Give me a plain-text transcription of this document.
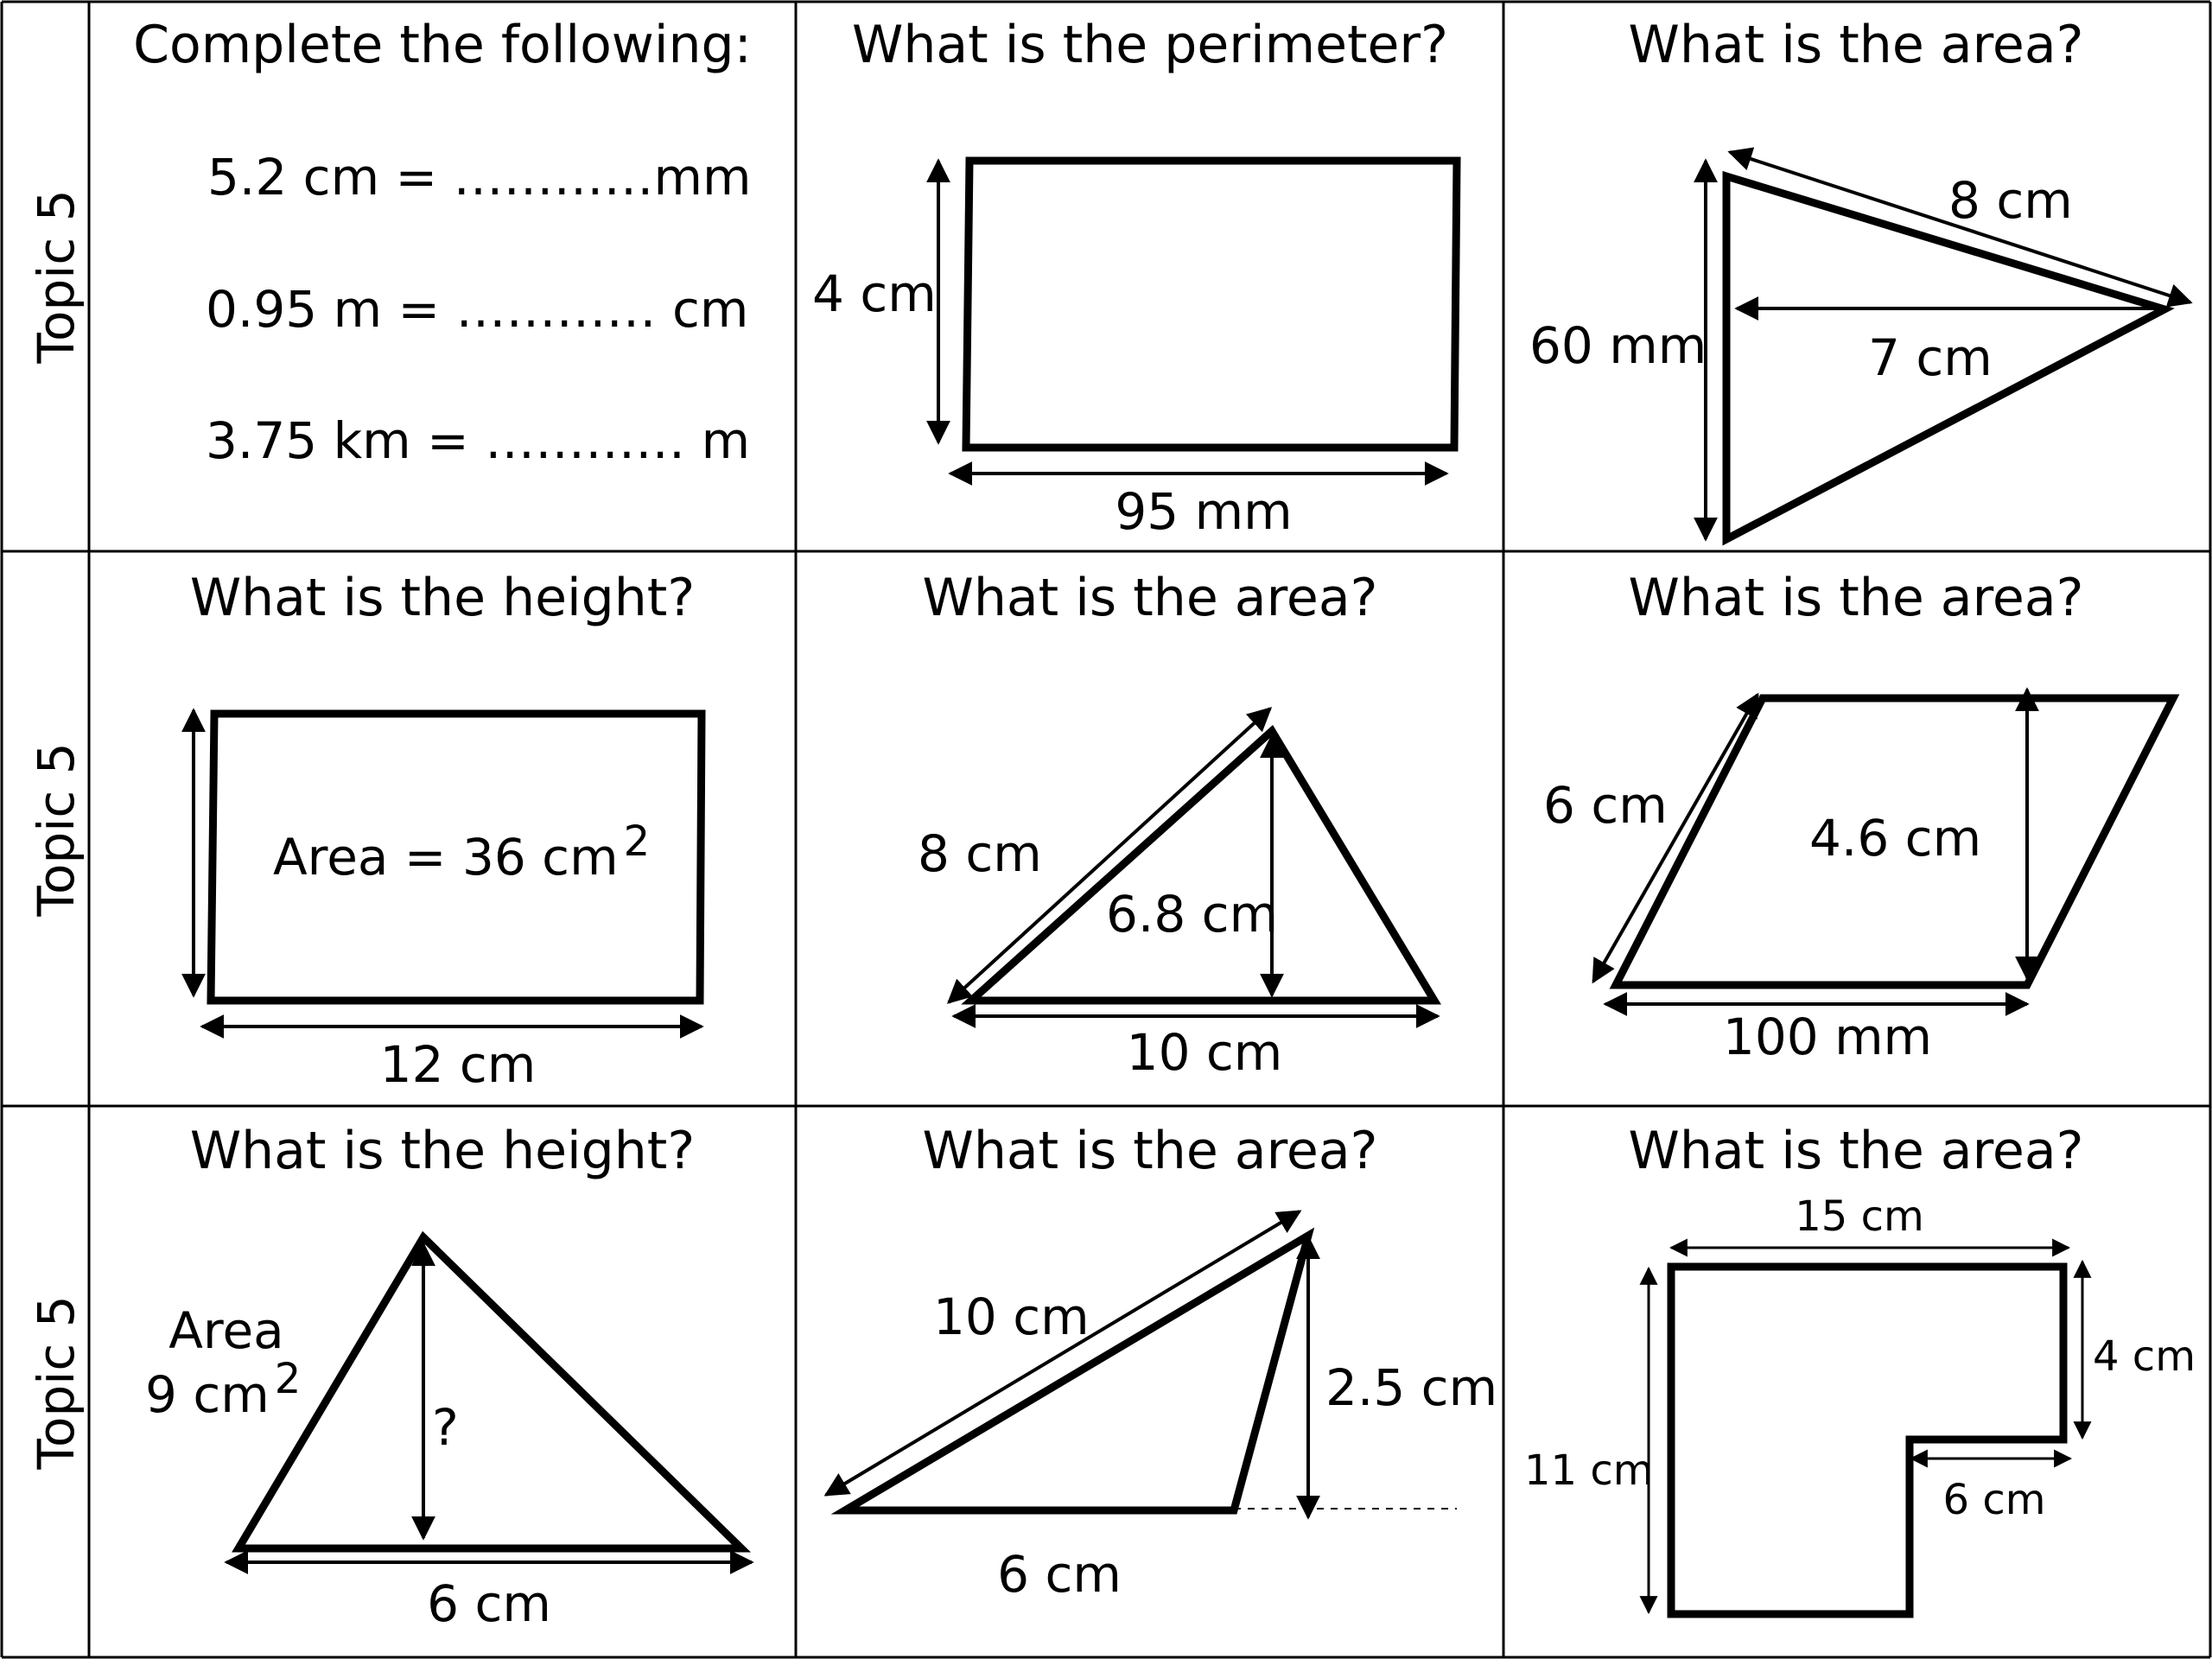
Topic 5
Topic 5
Topic 5
Complete the following:
5.2 cm = …………mm
0.95 m = ………… cm
3.75 km = ………… m
What is the perimeter?
4 cm
95 mm
What is the area?
8 cm
60 mm	7 cm
What is the height?
Area = 36 cm $^2$
12 cm
What is the area?
8 cm
6.8 cm
10 cm
What is the area?
6 cm
4.6 cm
100 mm
What is the height?
Area
9 cm $^2$
?
6 cm
What is the area?
10 cm
2.5 cm
6 cm
What is the area?
15 cm
4 cm
11 cm
6 cm
